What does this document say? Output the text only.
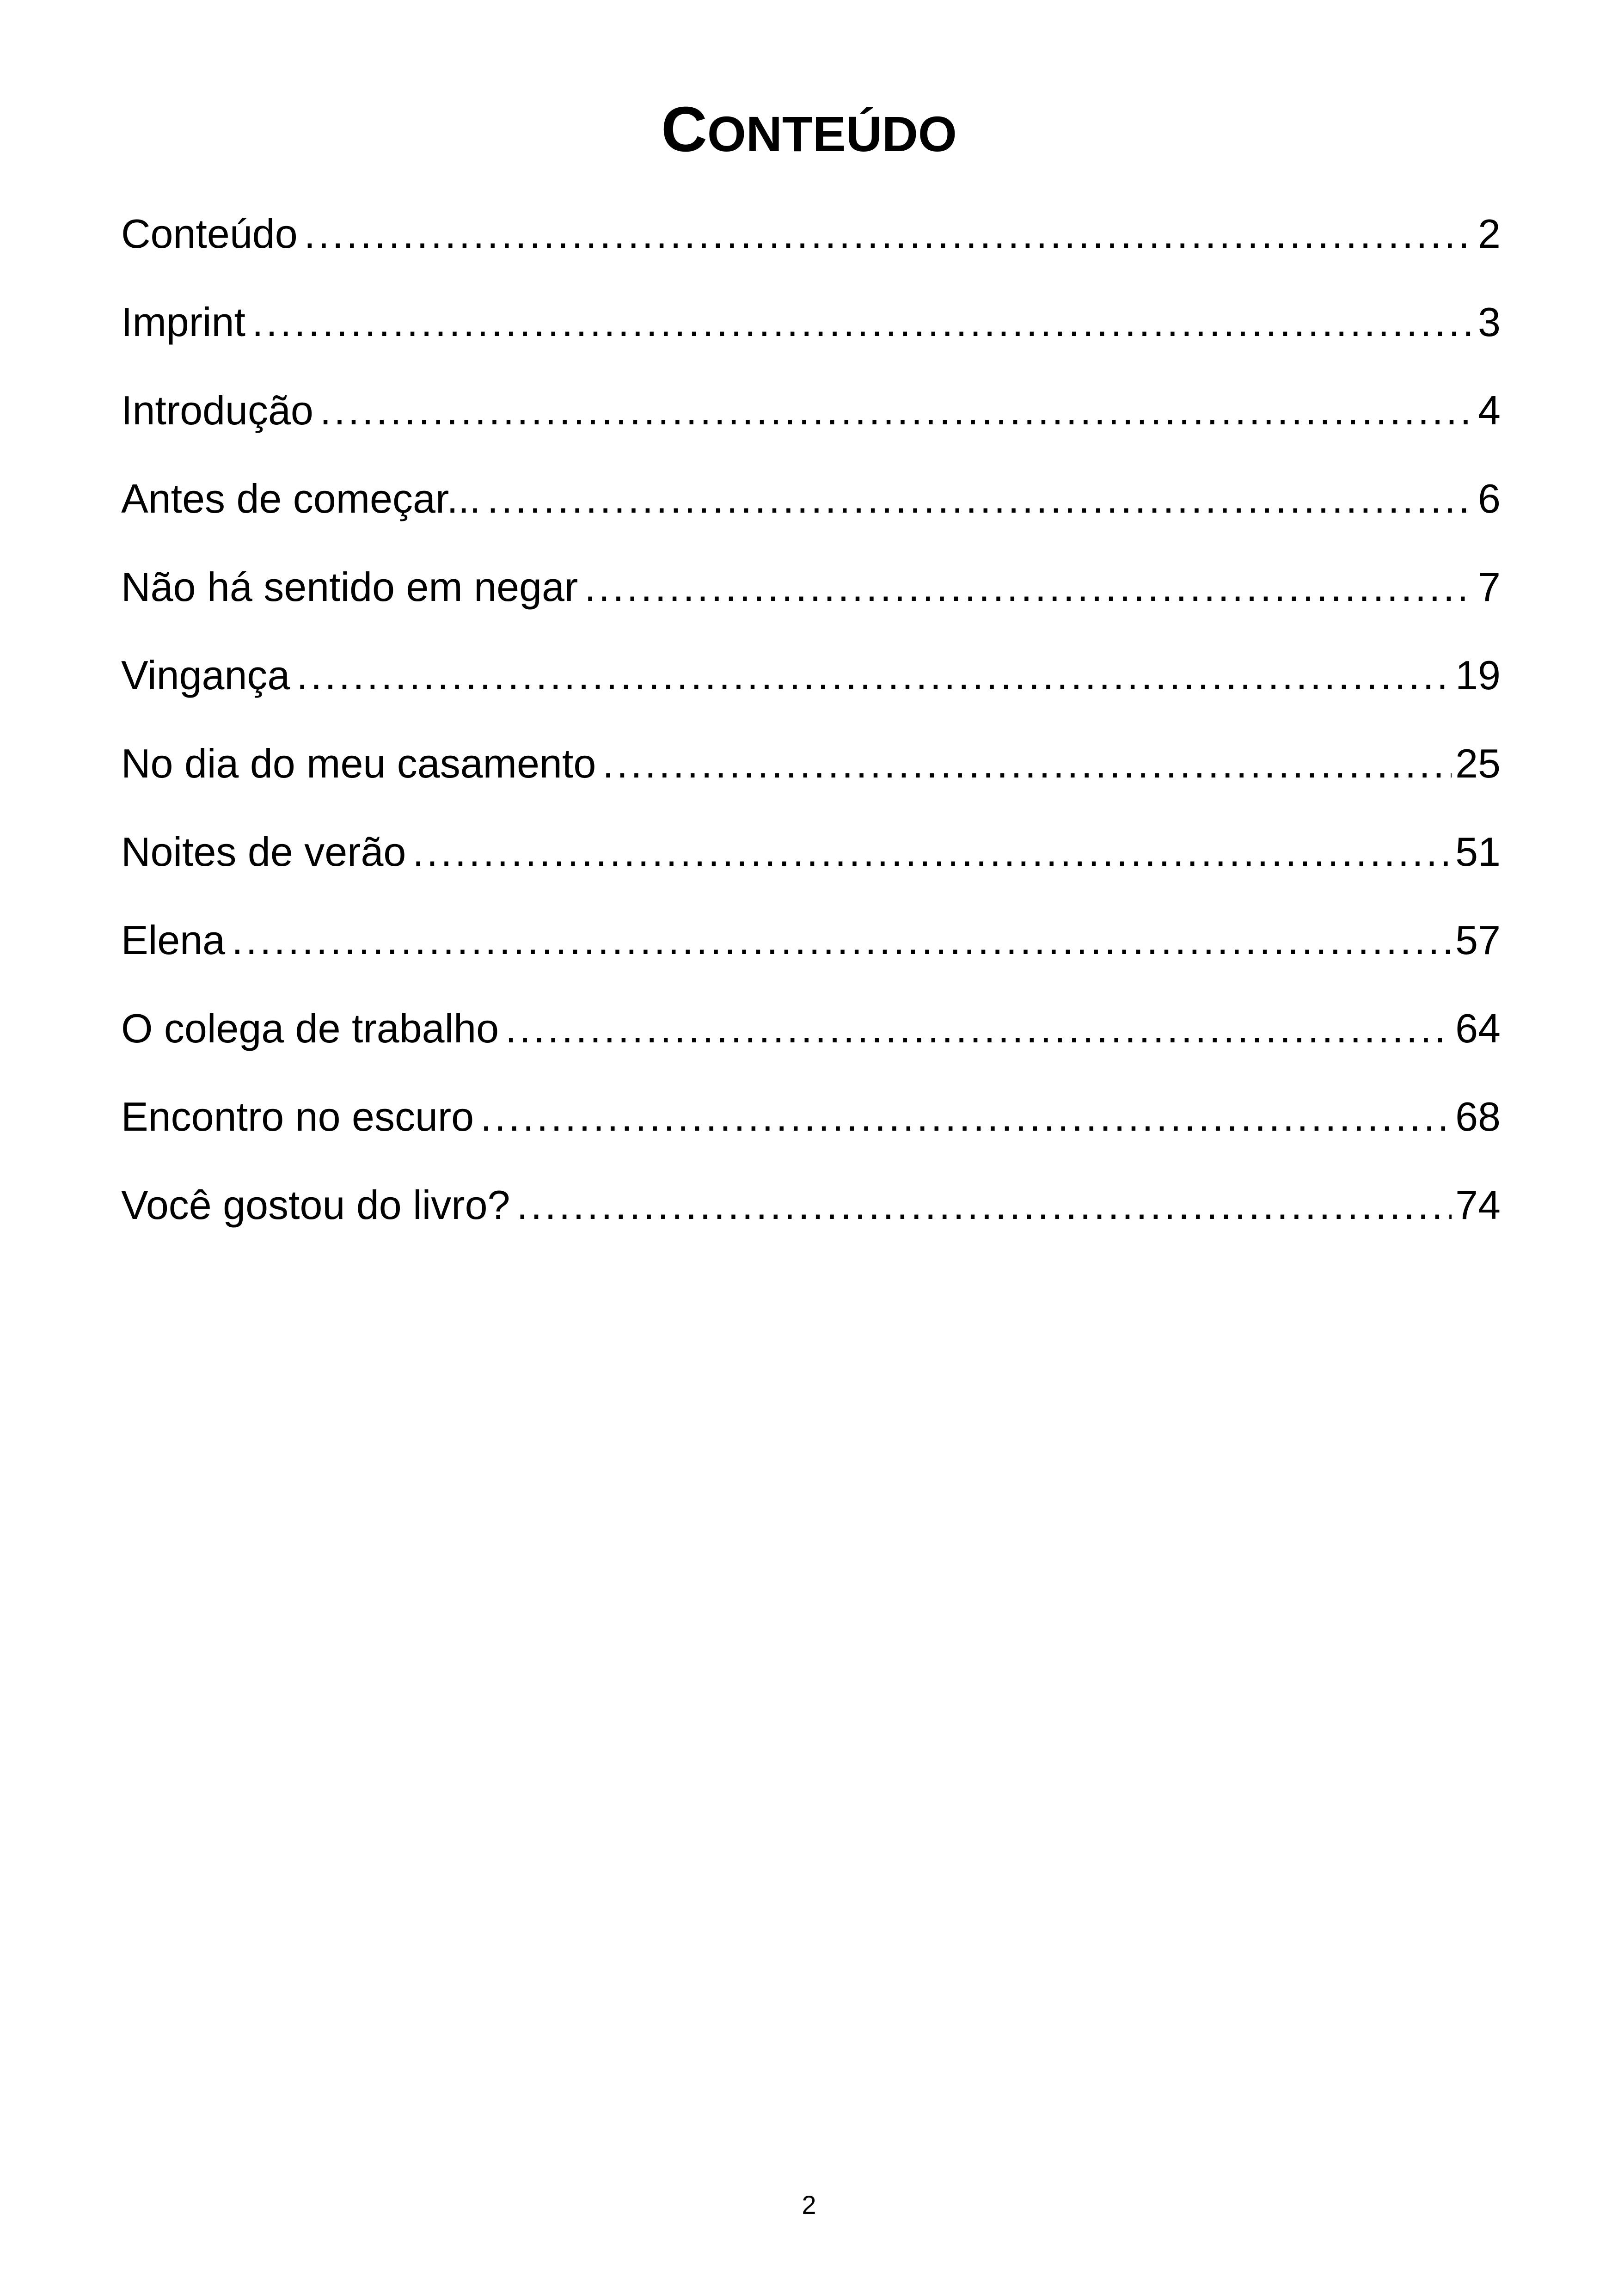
CONTEÚDO
Conteúdo .....	2
Imprint .....	3
Introdução .....	4
Antes de começar... .....	6
Não há sentido em negar .....	7
Vingança .....	19
No dia do meu casamento .....	25
Noites de verão .....	51
Elena .....	57
O colega de trabalho .....	64
Encontro no escuro .....	68
Você gostou do livro? .....	74
2
